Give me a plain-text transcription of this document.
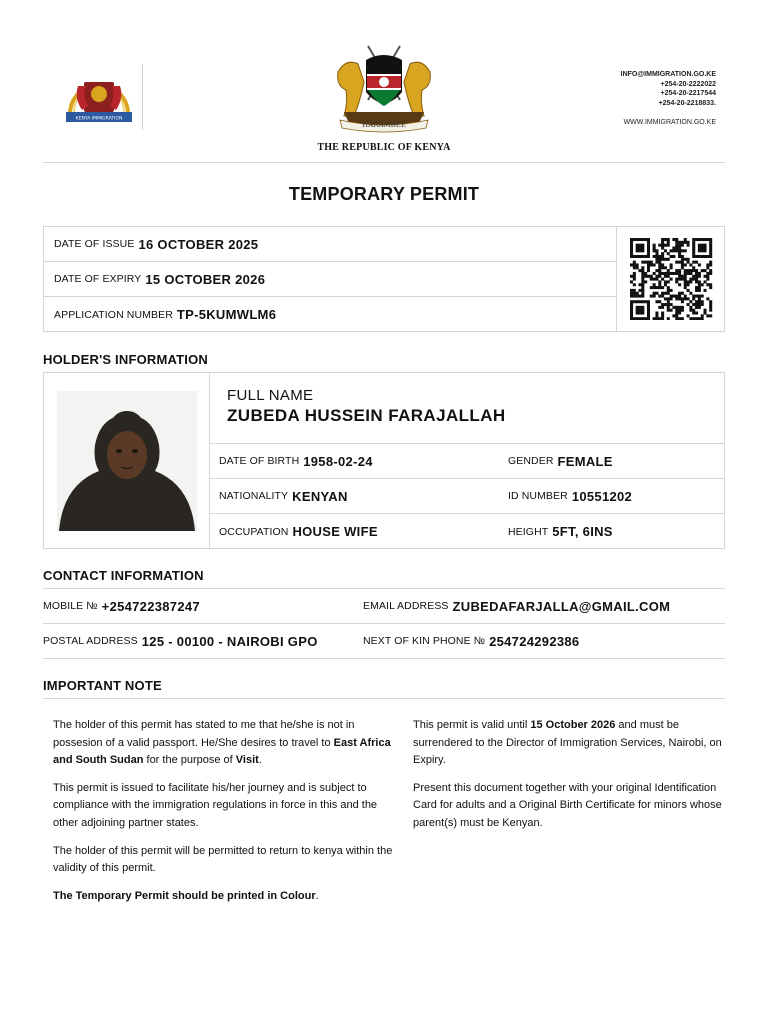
KENYA IMMIGRATION
HARAMBEE
THE REPUBLIC OF KENYA
INFO@IMMIGRATION.GO.KE
+254-20-2222022
+254-20-2217544
+254-20-2218833.
WWW.IMMIGRATION.GO.KE
TEMPORARY PERMIT
DATE OF ISSUE 16 OCTOBER 2025
DATE OF EXPIRY 15 OCTOBER 2026
APPLICATION NUMBER TP-5KUMWLM6
HOLDER'S INFORMATION
FULL NAME
ZUBEDA HUSSEIN FARAJALLAH
DATE OF BIRTH 1958-02-24	GENDER FEMALE
NATIONALITY KENYAN	ID NUMBER 10551202
OCCUPATION HOUSE WIFE	HEIGHT 5FT, 6INS
CONTACT INFORMATION
MOBILE № +254722387247	EMAIL ADDRESS ZUBEDAFARJALLA@GMAIL.COM
POSTAL ADDRESS 125 - 00100 - NAIROBI GPO	NEXT OF KIN PHONE № 254724292386
IMPORTANT NOTE

The holder of this permit has stated to me that he/she is not in possesion of a valid passport. He/She desires to travel to East Africa and South Sudan for the purpose of Visit.

This permit is issued to facilitate his/her journey and is subject to compliance with the immigration regulations in force in this and the other adjoining partner states.

The holder of this permit will be permitted to return to kenya within the validity of this permit.

The Temporary Permit should be printed in Colour.

This permit is valid until 15 October 2026 and must be surrendered to the Director of Immigration Services, Nairobi, on Expiry.

Present this document together with your original Identification Card for adults and a Original Birth Certificate for minors whose parent(s) must be Kenyan.
